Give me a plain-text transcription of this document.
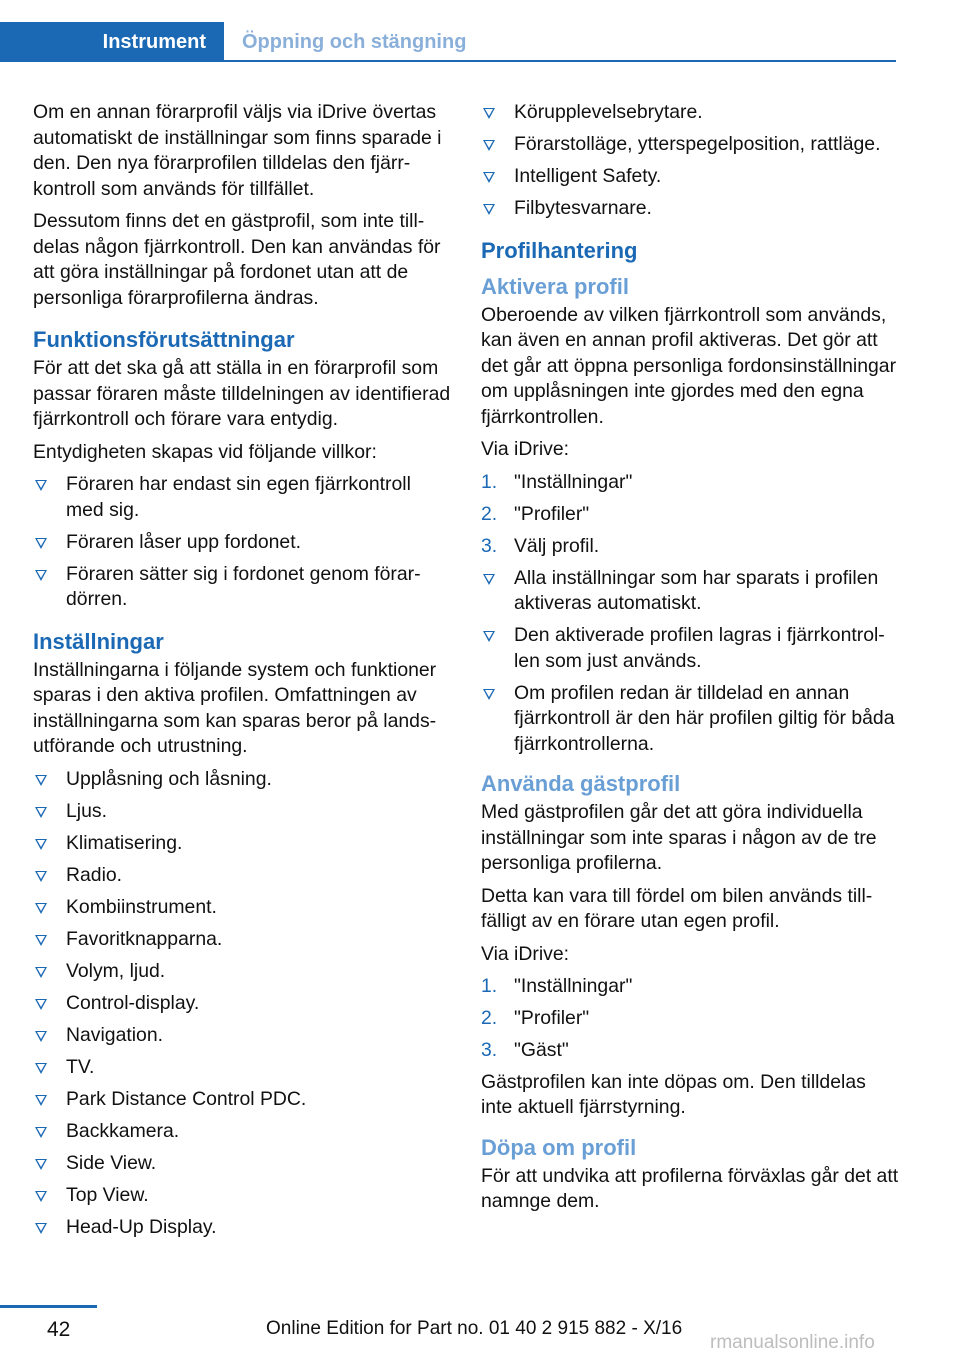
Instrument	Öppning och stängning

Om en annan förarprofil väljs via iDrive övertas automatiskt de inställningar som finns sparade i den. Den nya förarprofilen tilldelas den fjärrkontroll som används för tillfället.

Dessutom finns det en gästprofil, som inte tilldelas någon fjärrkontroll. Den kan användas för att göra inställningar på fordonet utan att de personliga förarprofilerna ändras.

Funktionsförutsättningar

För att det ska gå att ställa in en förarprofil som passar föraren måste tilldelningen av identifierad fjärrkontroll och förare vara entydig.

Entydigheten skapas vid följande villkor:

Föraren har endast sin egen fjärrkontroll med sig.
Föraren låser upp fordonet.
Föraren sätter sig i fordonet genom förardörren.
Inställningar

Inställningarna i följande system och funktioner sparas i den aktiva profilen. Omfattningen av inställningarna som kan sparas beror på landsutförande och utrustning.

Upplåsning och låsning.
Ljus.
Klimatisering.
Radio.
Kombiinstrument.
Favoritknapparna.
Volym, ljud.
Control-display.
Navigation.
TV.
Park Distance Control PDC.
Backkamera.
Side View.
Top View.
Head-Up Display.
Körupplevelsebrytare.
Förarstolläge, ytterspegelposition, rattläge.
Intelligent Safety.
Filbytesvarnare.
Profilhantering
Aktivera profil

Oberoende av vilken fjärrkontroll som används, kan även en annan profil aktiveras. Det gör att det går att öppna personliga fordonsinställningar om upplåsningen inte gjordes med den egna fjärrkontrollen.

Via iDrive:

1. "Inställningar"
2. "Profiler"
3. Välj profil.
Alla inställningar som har sparats i profilen aktiveras automatiskt.
Den aktiverade profilen lagras i fjärrkontrollen som just används.
Om profilen redan är tilldelad en annan fjärrkontroll är den här profilen giltig för båda fjärrkontrollerna.
Använda gästprofil

Med gästprofilen går det att göra individuella inställningar som inte sparas i någon av de tre personliga profilerna.

Detta kan vara till fördel om bilen används tillfälligt av en förare utan egen profil.

Via iDrive:

1. "Inställningar"
2. "Profiler"
3. "Gäst"

Gästprofilen kan inte döpas om. Den tilldelas inte aktuell fjärrstyrning.

Döpa om profil

För att undvika att profilerna förväxlas går det att namnge dem.

42	Online Edition for Part no. 01 40 2 915 882 - X/16
rmanualsonline.info
